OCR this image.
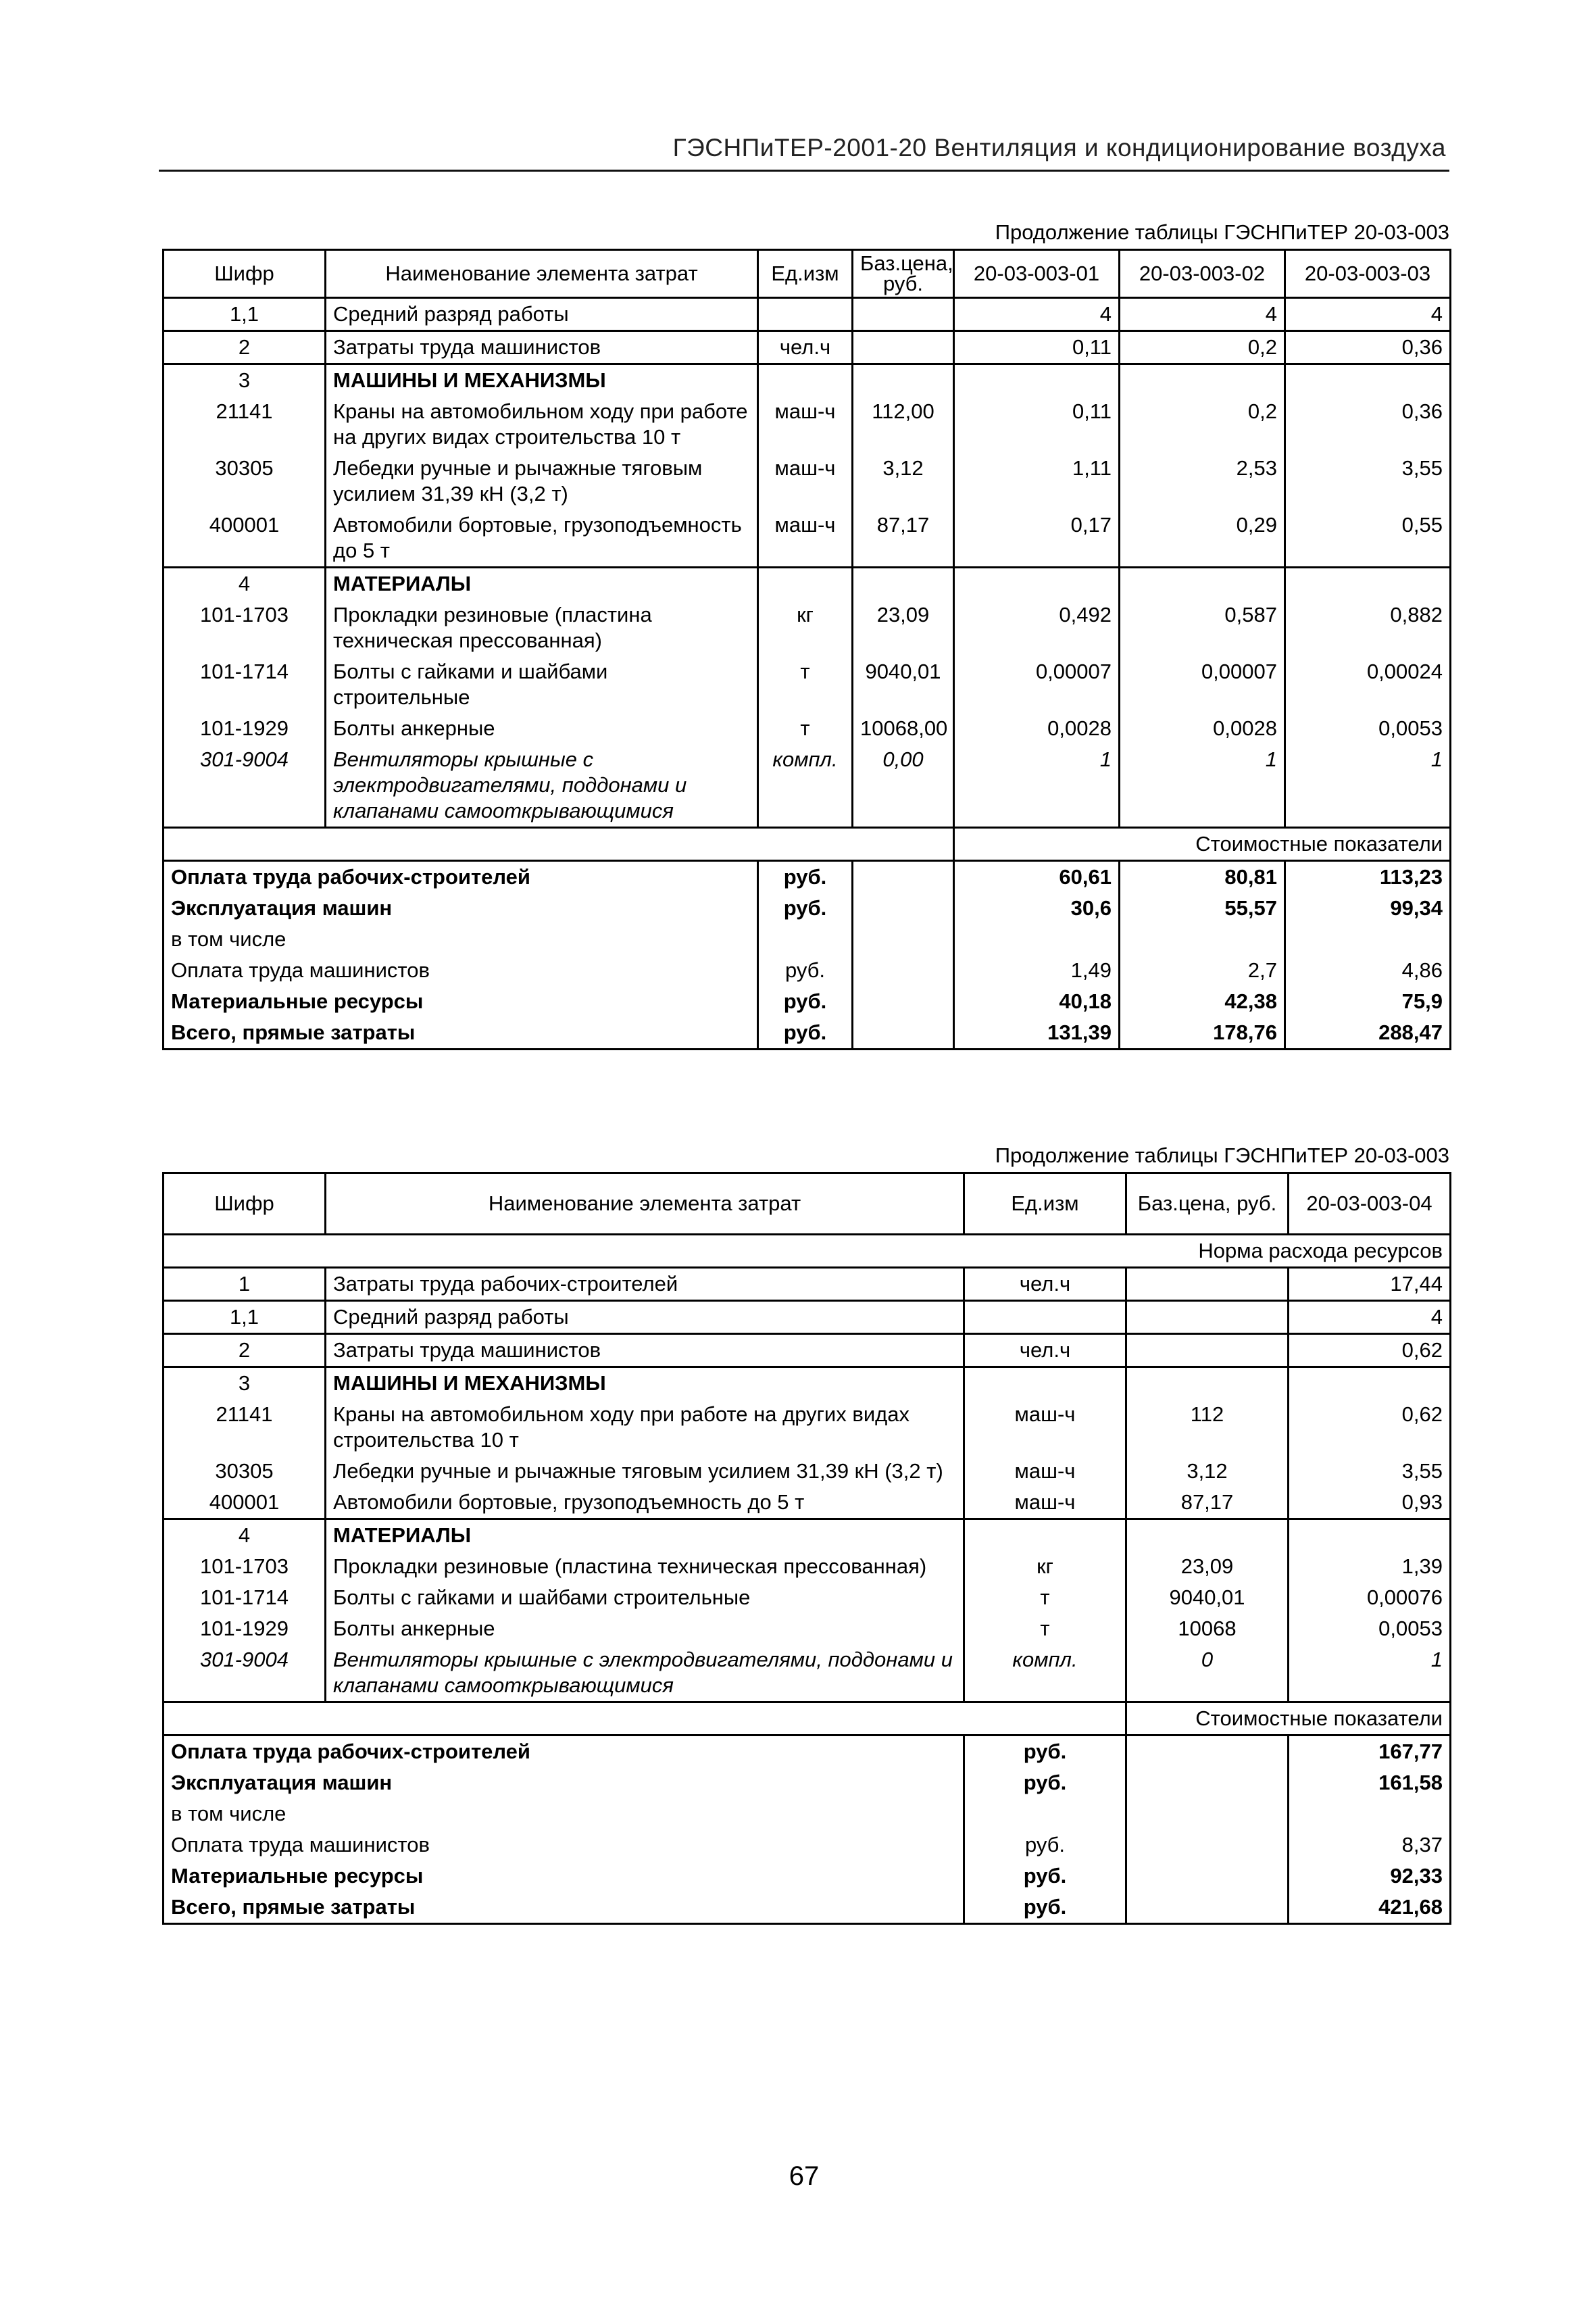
ГЭСНПиТЕР-2001-20 Вентиляция и кондиционирование воздуха
Продолжение таблицы ГЭСНПиТЕР 20-03-003
Шифр	Наименование элемента затрат	Ед.изм	Баз.цена, руб.	20-03-003-01	20-03-003-02	20-03-003-03
1,1	Средний разряд работы			4	4	4
2	Затраты труда машинистов	чел.ч		0,11	0,2	0,36
3	МАШИНЫ И МЕХАНИЗМЫ					
21141	Краны на автомобильном ходу при работе на других видах строительства 10 т	маш-ч	112,00	0,11	0,2	0,36
30305	Лебедки ручные и рычажные тяговым усилием 31,39 кН (3,2 т)	маш-ч	3,12	1,11	2,53	3,55
400001	Автомобили бортовые, грузоподъемность до 5 т	маш-ч	87,17	0,17	0,29	0,55
4	МАТЕРИАЛЫ					
101-1703	Прокладки резиновые (пластина техническая прессованная)	кг	23,09	0,492	0,587	0,882
101-1714	Болты с гайками и шайбами строительные	т	9040,01	0,00007	0,00007	0,00024
101-1929	Болты анкерные	т	10068,00	0,0028	0,0028	0,0053
301-9004	Вентиляторы крышные с электродвигателями, поддонами и клапанами самооткрывающимися	компл.	0,00	1	1	1
				Стоимостные показатели		
Оплата труда рабочих-строителей		руб.		60,61	80,81	113,23
Эксплуатация машин		руб.		30,6	55,57	99,34
в том числе						
Оплата труда машинистов		руб.		1,49	2,7	4,86
Материальные ресурсы		руб.		40,18	42,38	75,9
Всего, прямые затраты		руб.		131,39	178,76	288,47
Продолжение таблицы ГЭСНПиТЕР 20-03-003
Шифр	Наименование элемента затрат	Ед.изм	Баз.цена, руб.	20-03-003-04
Норма расхода ресурсов				
1	Затраты труда рабочих-строителей	чел.ч		17,44
1,1	Средний разряд работы			4
2	Затраты труда машинистов	чел.ч		0,62
3	МАШИНЫ И МЕХАНИЗМЫ			
21141	Краны на автомобильном ходу при работе на других видах строительства 10 т	маш-ч	112	0,62
30305	Лебедки ручные и рычажные тяговым усилием 31,39 кН (3,2 т)	маш-ч	3,12	3,55
400001	Автомобили бортовые, грузоподъемность до 5 т	маш-ч	87,17	0,93
4	МАТЕРИАЛЫ			
101-1703	Прокладки резиновые (пластина техническая прессованная)	кг	23,09	1,39
101-1714	Болты с гайками и шайбами строительные	т	9040,01	0,00076
101-1929	Болты анкерные	т	10068	0,0053
301-9004	Вентиляторы крышные с электродвигателями, поддонами и клапанами самооткрывающимися	компл.	0	1
			Стоимостные показатели	
Оплата труда рабочих-строителей		руб.		167,77
Эксплуатация машин		руб.		161,58
в том числе				
Оплата труда машинистов		руб.		8,37
Материальные ресурсы		руб.		92,33
Всего, прямые затраты		руб.		421,68
67
